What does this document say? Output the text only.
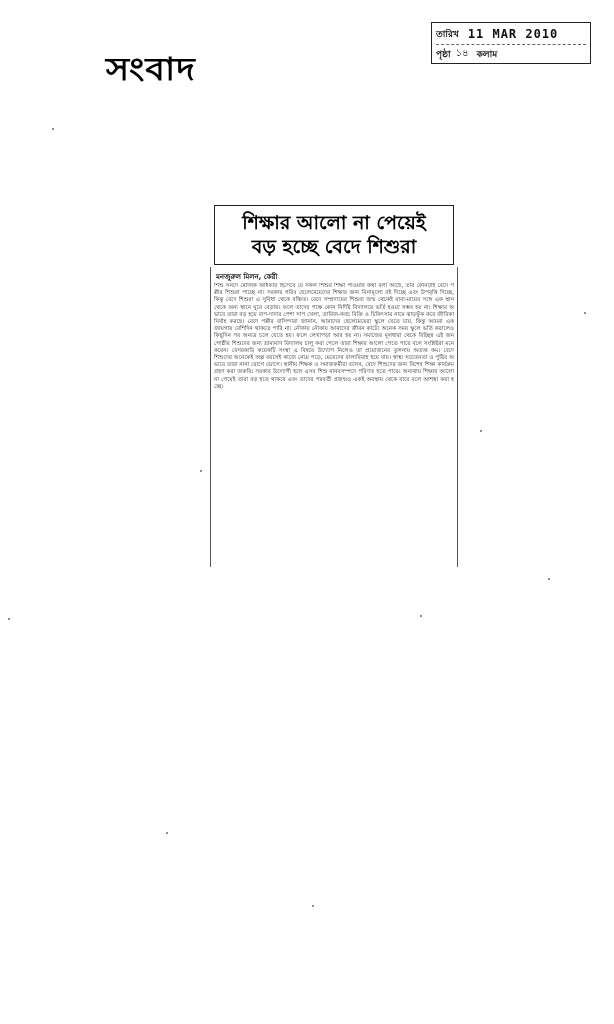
সংবাদ
তারিখ 11 MAR 2010
পৃষ্ঠা ১৪ কলাম
শিক্ষার আলো না পেয়েই
বড় হচ্ছে বেদে শিশুরা
মনজুরুল মিলন, কেরী
শিশু সনদে মৌলিক অধিকার হিসেবে যে সকল শিশুর শিক্ষা পাওয়ার কথা বলা আছে, তার কোনটাই বেদে পল্লীর শিশুরা পাচ্ছে না। সরকার গরিব ছেলেমেয়েদের শিক্ষার জন্য বিনামূল্যে বই দিচ্ছে এবং উপবৃত্তি দিচ্ছে, কিন্তু বেদে শিশুরা এ সুবিধা থেকে বঞ্চিত। বেদে সম্প্রদায়ের শিশুরা জন্ম থেকেই বাবা-মায়ের সঙ্গে এক স্থান থেকে অন্য স্থানে ঘুরে বেড়ায়। ফলে তাদের পক্ষে কোন নির্দিষ্ট বিদ্যালয়ে ভর্তি হওয়া সম্ভব হয় না। শিক্ষার অভাবে তারা বড় হয়ে বাপ-দাদার পেশা সাপ খেলা, তাবিজ-কবচ বিক্রি ও চিকিৎসার নামে ঝাড়ফুঁক করে জীবিকা নির্বাহ করছে। বেদে পল্লীর বাসিন্দারা জানান, আমাদের ছেলেমেয়েরা স্কুলে যেতে চায়, কিন্তু আমরা এক জায়গায় বেশিদিন থাকতে পারি না। নৌকায় নৌকায় আমাদের জীবন কাটে। অনেক সময় স্কুলে ভর্তি করালেও কিছুদিন পর অন্যত্র চলে যেতে হয়। ফলে লেখাপড়া আর হয় না। সমাজের মূলধারা থেকে বিচ্ছিন্ন এই জনগোষ্ঠীর শিশুদের জন্য ভ্রাম্যমাণ বিদ্যালয় চালু করা গেলে তারা শিক্ষার আলো পেতে পারে বলে সংশ্লিষ্টরা মনে করেন। বেসরকারি কয়েকটি সংস্থা এ বিষয়ে উদ্যোগ নিলেও তা প্রয়োজনের তুলনায় অত্যন্ত কম। বেদে শিশুদের অনেকেই অল্প বয়সেই কাজে নেমে পড়ে, মেয়েদের বাল্যবিবাহ হয়ে যায়। স্বাস্থ্য সচেতনতা ও পুষ্টির অভাবে তারা নানা রোগে ভোগে। স্থানীয় শিক্ষক ও সমাজকর্মীরা বলেন, বেদে শিশুদের জন্য বিশেষ শিক্ষা কার্যক্রম গ্রহণ করা জরুরি। সরকার উদ্যোগী হলে এসব শিশু মানবসম্পদে পরিণত হতে পারে। অন্যথায় শিক্ষার আলো না পেয়েই তারা বড় হতে থাকবে এবং তাদের পরবর্তী প্রজন্মও একই অবস্থায় থেকে যাবে বলে আশঙ্কা করা হচ্ছে।
